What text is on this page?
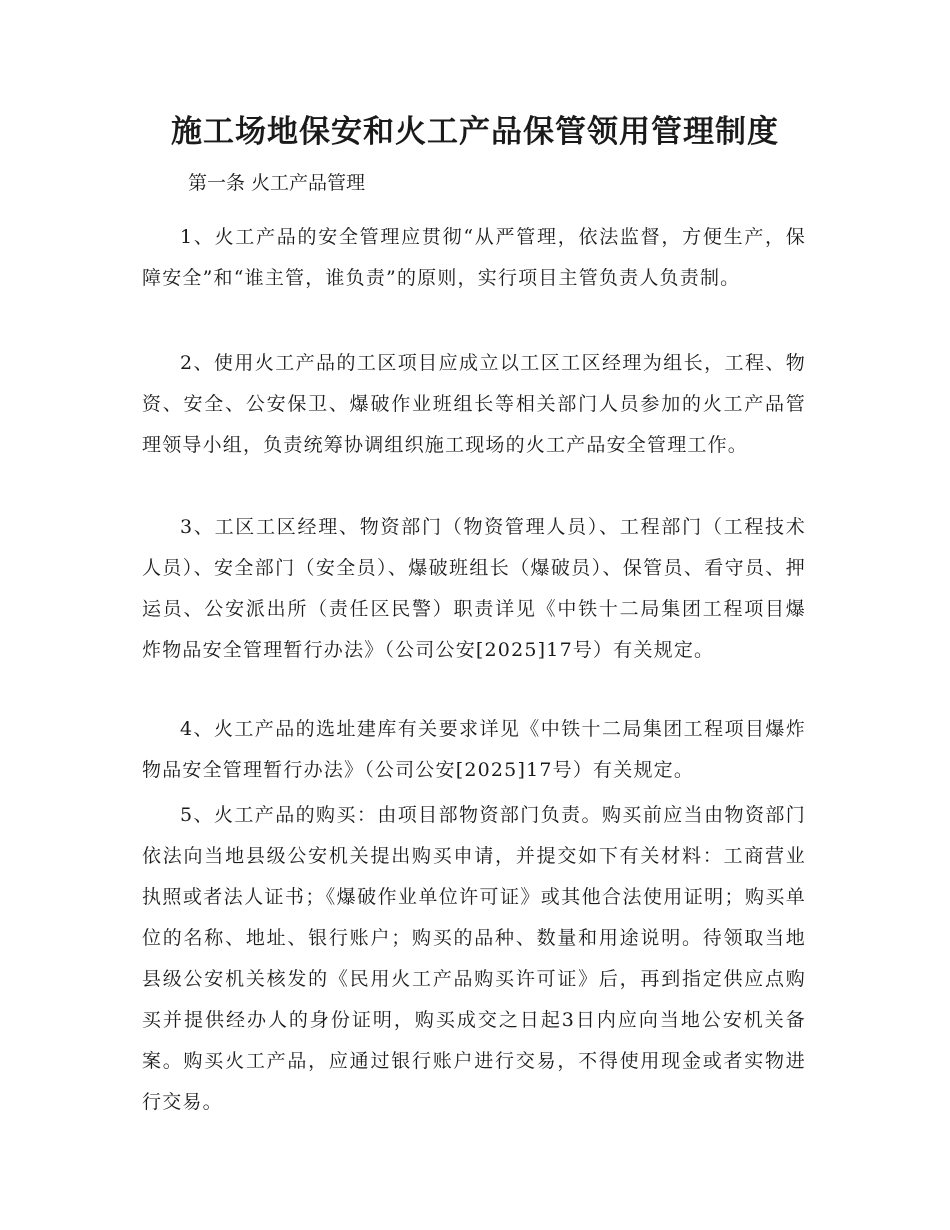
施工场地保安和火工产品保管领用管理制度

第一条 火工产品管理

1、火工产品的安全管理应贯彻“从严管理，依法监督，方便生产，保障安全”和“谁主管，谁负责”的原则，实行项目主管负责人负责制。

2、使用火工产品的工区项目应成立以工区工区经理为组长，工程、物资、安全、公安保卫、爆破作业班组长等相关部门人员参加的火工产品管理领导小组，负责统筹协调组织施工现场的火工产品安全管理工作。

3、工区工区经理、物资部门（物资管理人员）、工程部门（工程技术人员）、安全部门（安全员）、爆破班组长（爆破员）、保管员、看守员、押运员、公安派出所（责任区民警）职责详见《中铁十二局集团工程项目爆炸物品安全管理暂行办法》（公司公安[2025]17号）有关规定。

4、火工产品的选址建库有关要求详见《中铁十二局集团工程项目爆炸物品安全管理暂行办法》（公司公安[2025]17号）有关规定。

5、火工产品的购买：由项目部物资部门负责。购买前应当由物资部门依法向当地县级公安机关提出购买申请，并提交如下有关材料：工商营业执照或者法人证书；《爆破作业单位许可证》或其他合法使用证明；购买单位的名称、地址、银行账户；购买的品种、数量和用途说明。待领取当地县级公安机关核发的《民用火工产品购买许可证》后，再到指定供应点购买并提供经办人的身份证明，购买成交之日起3日内应向当地公安机关备案。购买火工产品，应通过银行账户进行交易，不得使用现金或者实物进行交易。
